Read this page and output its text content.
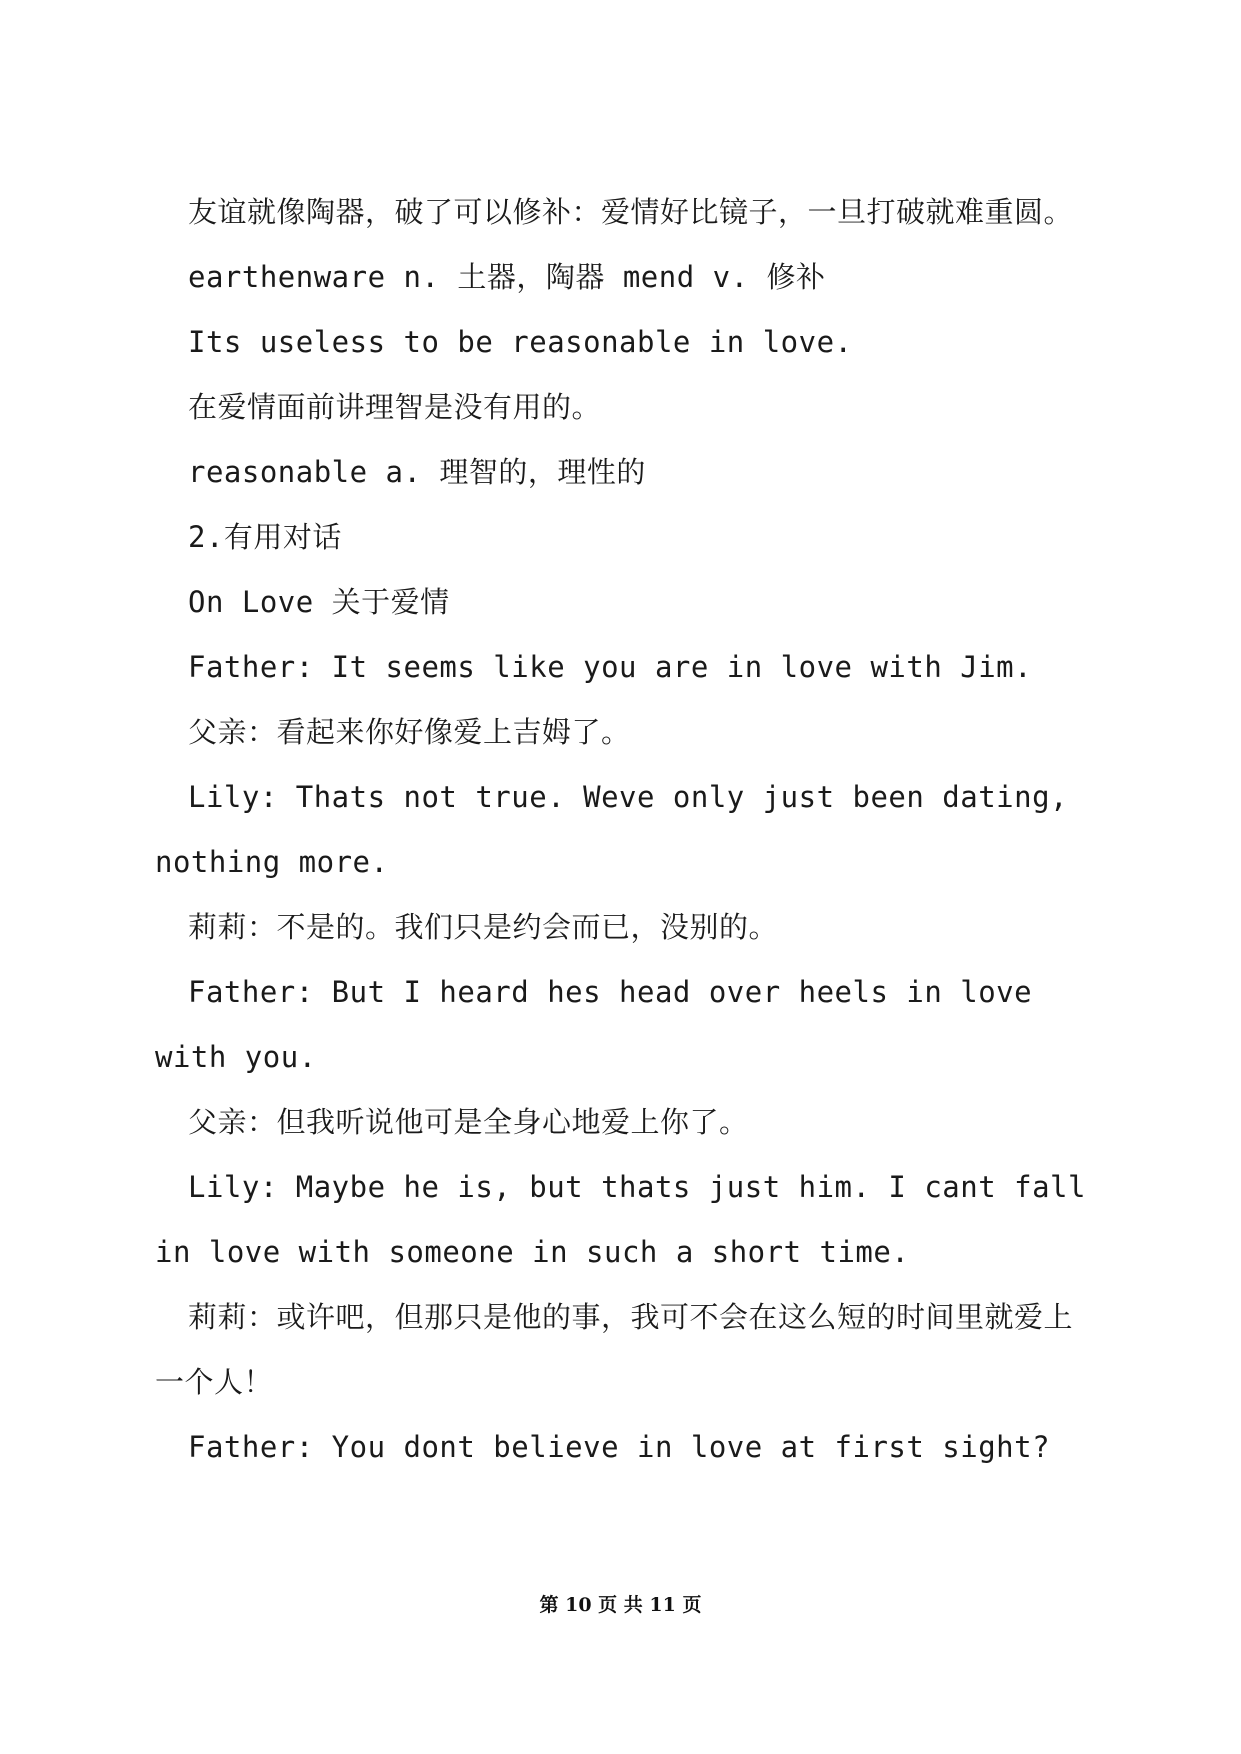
友谊就像陶器，破了可以修补：爱情好比镜子，一旦打破就难重圆。

earthenware n. 土器，陶器 mend v. 修补

Its useless to be reasonable in love.

在爱情面前讲理智是没有用的。

reasonable a. 理智的，理性的

2.有用对话

On Love 关于爱情

Father: It seems like you are in love with Jim.

父亲：看起来你好像爱上吉姆了。

Lily: Thats not true. Weve only just been dating, nothing more.

莉莉：不是的。我们只是约会而已，没别的。

Father: But I heard hes head over heels in love with you.

父亲：但我听说他可是全身心地爱上你了。

Lily: Maybe he is, but thats just him. I cant fall in love with someone in such a short time.

莉莉：或许吧，但那只是他的事，我可不会在这么短的时间里就爱上一个人！

Father: You dont believe in love at first sight?

第 10 页 共 11 页
